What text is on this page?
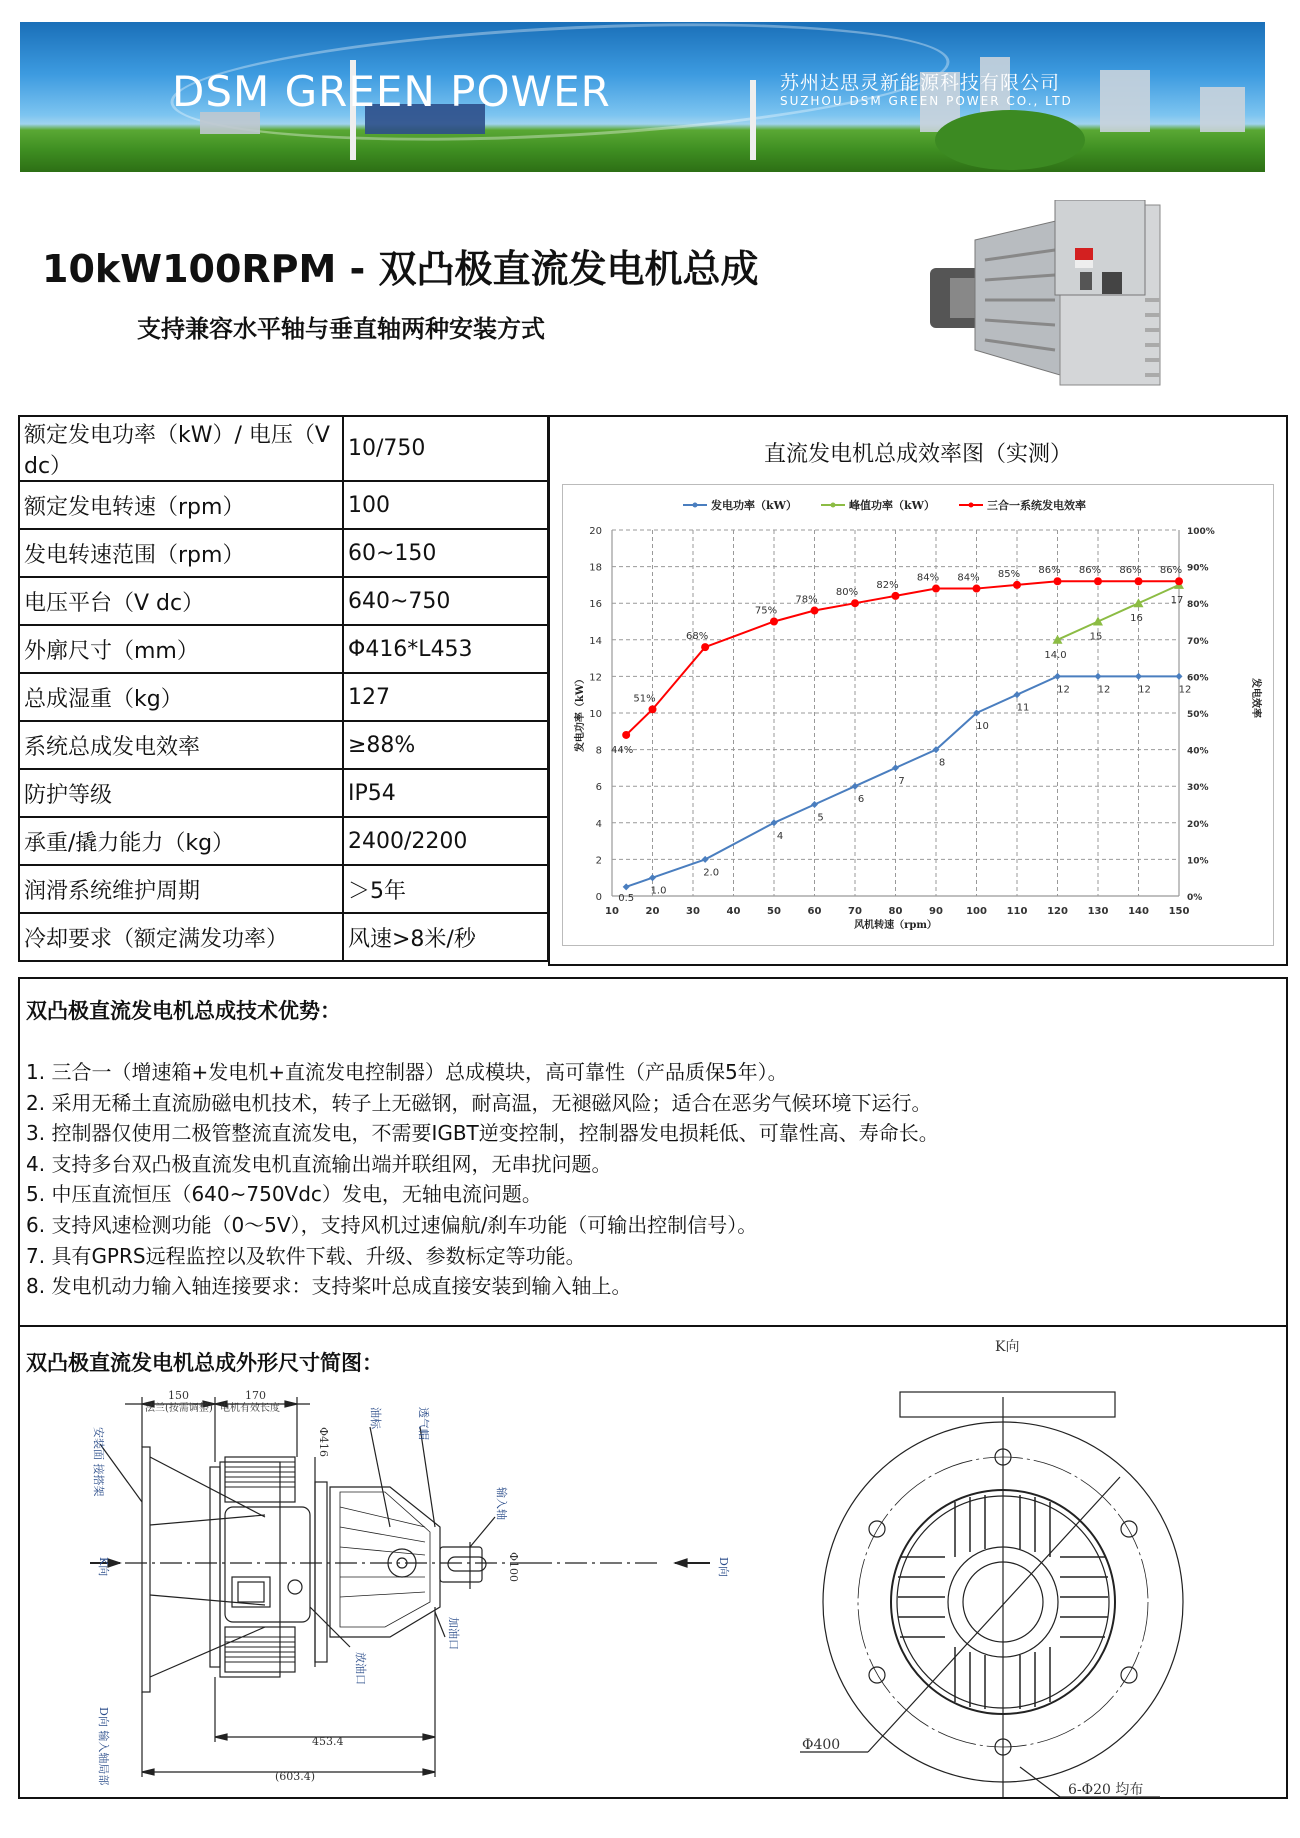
DSM GREEN POWER	苏州达思灵新能源科技有限公司
SUZHOU DSM GREEN POWER CO., LTD
10kW100RPM - 双凸极直流发电机总成
支持兼容水平轴与垂直轴两种安装方式
额定发电功率（kW）/ 电压（V dc）	10/750
额定发电转速（rpm）	100
发电转速范围（rpm）	60~150
电压平台（V dc）	640~750
外廓尺寸（mm）	Φ416*L453
总成湿重（kg）	127
系统总成发电效率	≥88%
防护等级	IP54
承重/撬力能力（kg）	2400/2200
润滑系统维护周期	＞5年
冷却要求（额定满发功率）	风速>8米/秒
直流发电机总成效率图（实测）
10	20	30	40	50	60	70	80	90 100 110 120 130 140 150
0
2
4
6
8
10
12
14
16
18
20
0%
10%
20%
30%
40%
50%
60%
70%
80%
90%
100%
风机转速（rpm）
发电功率（kW）	发电效率
发电功率（kW）	峰值功率（kW）	三合一系统发电效率
0.5
1.0
2.0
4
5
6
7
8
10
11
12	12	12	12
14.0
15
16
17
44%
51%
68%
75%
78%
80%
82%
84% 84% 85% 86% 86% 86% 86%
双凸极直流发电机总成技术优势：
1. 三合一（增速箱+发电机+直流发电控制器）总成模块，高可靠性（产品质保5年）。
2. 采用无稀土直流励磁电机技术，转子上无磁钢，耐高温，无褪磁风险；适合在恶劣气候环境下运行。
3. 控制器仅使用二极管整流直流发电，不需要IGBT逆变控制，控制器发电损耗低、可靠性高、寿命长。
4. 支持多台双凸极直流发电机直流输出端并联组网，无串扰问题。
5. 中压直流恒压（640~750Vdc）发电，无轴电流问题。
6. 支持风速检测功能（0～5V），支持风机过速偏航/刹车功能（可输出控制信号）。
7. 具有GPRS远程监控以及软件下载、升级、参数标定等功能。
8. 发电机动力输入轴连接要求：支持桨叶总成直接安装到输入轴上。
双凸极直流发电机总成外形尺寸简图：
150
法兰(按需调整)
170
电机有效长度
453.4
(603.4)
Φ416
Φ100
油标	透气帽
输入轴
放油口
加油口
K向	D向
D向 输入轴局部
安装面 接搭架
K向
Φ400
6-Φ20 均布
